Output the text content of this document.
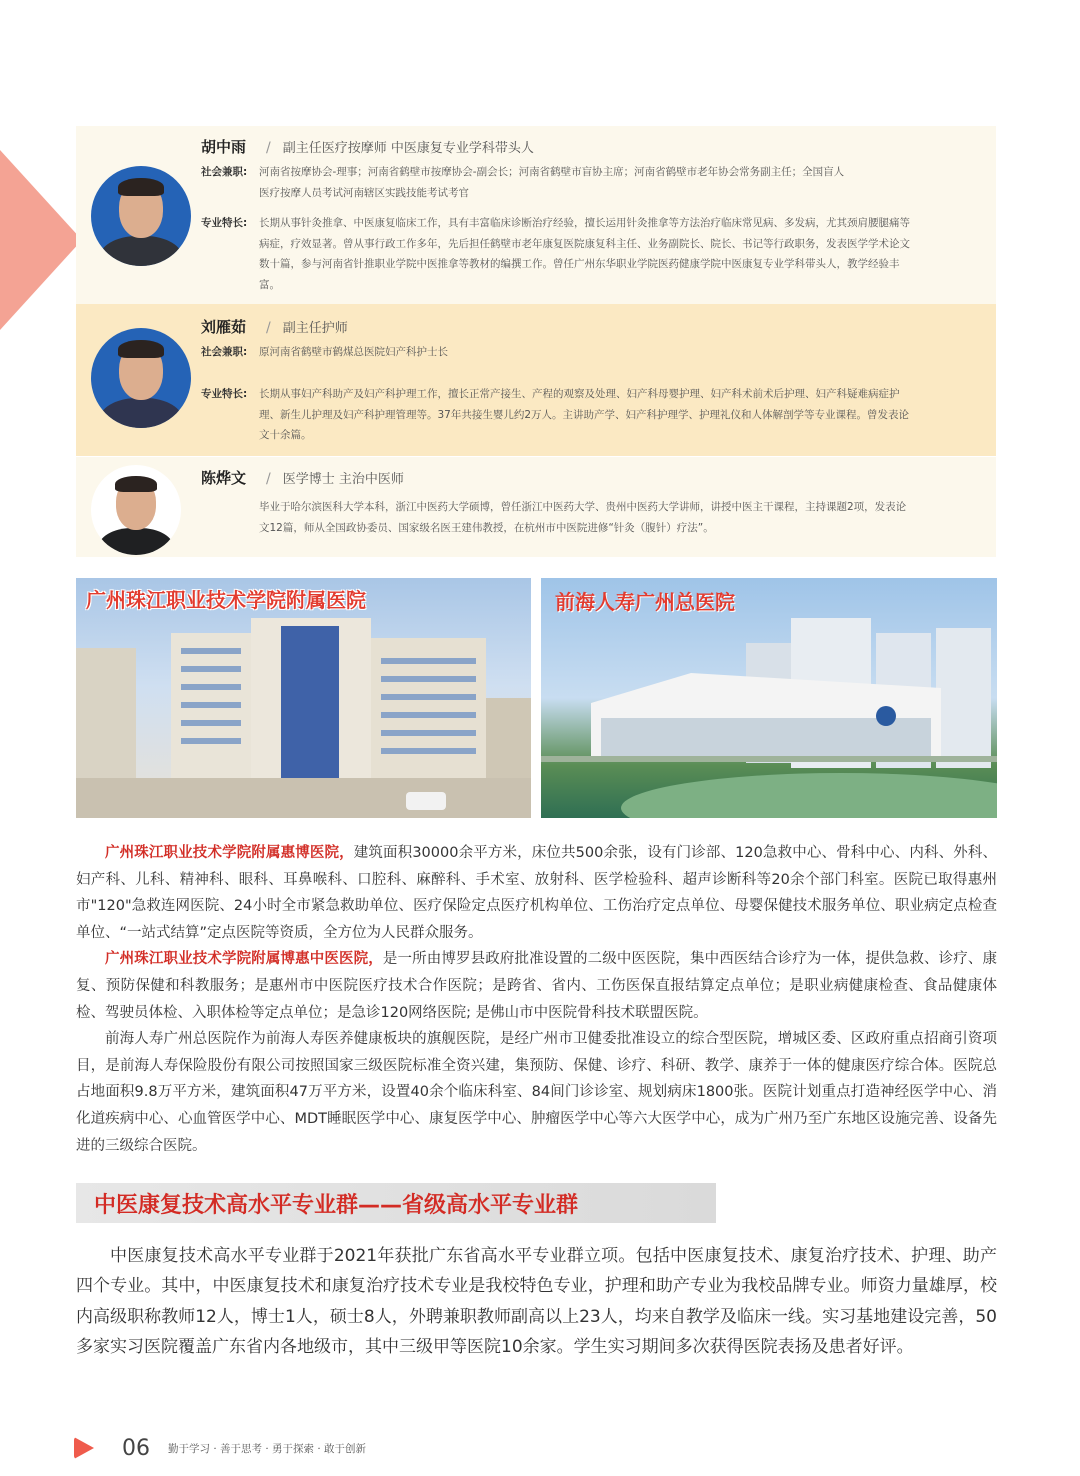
胡中雨 / 副主任医疗按摩师 中医康复专业学科带头人
社会兼职:	河南省按摩协会-理事；河南省鹤壁市按摩协会-副会长；河南省鹤壁市盲协主席；河南省鹤壁市老年协会常务副主任；全国盲人
医疗按摩人员考试河南辖区实践技能考试考官
专业特长:	长期从事针灸推拿、中医康复临床工作，具有丰富临床诊断治疗经验，擅长运用针灸推拿等方法治疗临床常见病、多发病，尤其颈肩腰腿痛等
病症，疗效显著。曾从事行政工作多年，先后担任鹤壁市老年康复医院康复科主任、业务副院长、院长、书记等行政职务，发表医学学术论文
数十篇，参与河南省针推职业学院中医推拿等教材的编撰工作。曾任广州东华职业学院医药健康学院中医康复专业学科带头人，教学经验丰
富。
刘雁茹 / 副主任护师
社会兼职:	原河南省鹤壁市鹤煤总医院妇产科护士长
专业特长:	长期从事妇产科助产及妇产科护理工作，擅长正常产接生、产程的观察及处理、妇产科母婴护理、妇产科术前术后护理、妇产科疑难病症护
理、新生儿护理及妇产科护理管理等。37年共接生婴儿约2万人。主讲助产学、妇产科护理学、护理礼仪和人体解剖学等专业课程。曾发表论
文十余篇。
陈烨文 / 医学博士 主治中医师
毕业于哈尔滨医科大学本科，浙江中医药大学硕博，曾任浙江中医药大学、贵州中医药大学讲师，讲授中医主干课程，主持课题2项，发表论
文12篇，师从全国政协委员、国家级名医王建伟教授，在杭州市中医院进修“针灸（腹针）疗法”。
广州珠江职业技术学院附属医院	前海人寿广州总医院

广州珠江职业技术学院附属惠博医院，建筑面积30000余平方米，床位共500余张，设有门诊部、120急救中心、骨科中心、内科、外科、妇产科、儿科、精神科、眼科、耳鼻喉科、口腔科、麻醉科、手术室、放射科、医学检验科、超声诊断科等20余个部门科室。医院已取得惠州市"120"急救连网医院、24小时全市紧急救助单位、医疗保险定点医疗机构单位、工伤治疗定点单位、母婴保健技术服务单位、职业病定点检查单位、“一站式结算”定点医院等资质，全方位为人民群众服务。

广州珠江职业技术学院附属博惠中医医院，是一所由博罗县政府批准设置的二级中医医院，集中西医结合诊疗为一体，提供急救、诊疗、康复、预防保健和科教服务；是惠州市中医院医疗技术合作医院；是跨省、省内、工伤医保直报结算定点单位；是职业病健康检查、食品健康体检、驾驶员体检、入职体检等定点单位；是急诊120网络医院; 是佛山市中医院骨科技术联盟医院。

前海人寿广州总医院作为前海人寿医养健康板块的旗舰医院，是经广州市卫健委批准设立的综合型医院，增城区委、区政府重点招商引资项目，是前海人寿保险股份有限公司按照国家三级医院标准全资兴建，集预防、保健、诊疗、科研、教学、康养于一体的健康医疗综合体。医院总占地面积9.8万平方米，建筑面积47万平方米，设置40余个临床科室、84间门诊诊室、规划病床1800张。医院计划重点打造神经医学中心、消化道疾病中心、心血管医学中心、MDT睡眠医学中心、康复医学中心、肿瘤医学中心等六大医学中心，成为广州乃至广东地区设施完善、设备先进的三级综合医院。

中医康复技术高水平专业群——省级高水平专业群

中医康复技术高水平专业群于2021年获批广东省高水平专业群立项。包括中医康复技术、康复治疗技术、护理、助产四个专业。其中，中医康复技术和康复治疗技术专业是我校特色专业，护理和助产专业为我校品牌专业。师资力量雄厚，校内高级职称教师12人，博士1人，硕士8人，外聘兼职教师副高以上23人，均来自教学及临床一线。实习基地建设完善，50多家实习医院覆盖广东省内各地级市，其中三级甲等医院10余家。学生实习期间多次获得医院表扬及患者好评。

06 勤于学习 · 善于思考 · 勇于探索 · 敢于创新
